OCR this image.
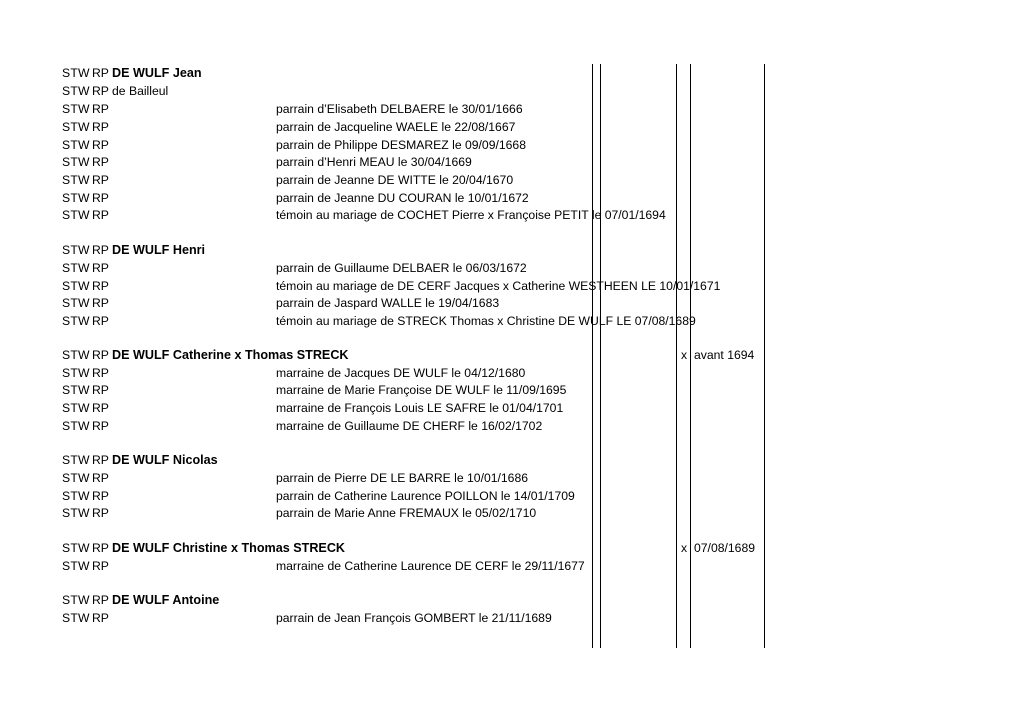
STW RP DE WULF Jean
STW RP de Bailleul
STW RP	parrain d’Elisabeth DELBAERE le 30/01/1666
STW RP	parrain de Jacqueline WAELE le 22/08/1667
STW RP	parrain de Philippe DESMAREZ le 09/09/1668
STW RP	parrain d’Henri MEAU le 30/04/1669
STW RP	parrain de Jeanne DE WITTE le 20/04/1670
STW RP	parrain de Jeanne DU COURAN le 10/01/1672
STW RP	témoin au mariage de COCHET Pierre x Françoise PETIT le 07/01/1694
STW RP DE WULF Henri
STW RP	parrain de Guillaume DELBAER le 06/03/1672
STW RP	témoin au mariage de DE CERF Jacques x Catherine WESTHEEN LE 10/01/1671
STW RP	parrain de Jaspard WALLE le 19/04/1683
STW RP	témoin au mariage de STRECK Thomas x Christine DE WULF LE 07/08/1689
STW RP DE WULF Catherine x Thomas STRECK	x avant 1694
STW RP	marraine de Jacques DE WULF le 04/12/1680
STW RP	marraine de Marie Françoise DE WULF le 11/09/1695
STW RP	marraine de François Louis LE SAFRE le 01/04/1701
STW RP	marraine de Guillaume DE CHERF le 16/02/1702
STW RP DE WULF Nicolas
STW RP	parrain de Pierre DE LE BARRE le 10/01/1686
STW RP	parrain de Catherine Laurence POILLON le 14/01/1709
STW RP	parrain de Marie Anne FREMAUX le 05/02/1710
STW RP DE WULF Christine x Thomas STRECK	x 07/08/1689
STW RP	marraine de Catherine Laurence DE CERF le 29/11/1677
STW RP DE WULF Antoine
STW RP	parrain de Jean François GOMBERT le 21/11/1689
